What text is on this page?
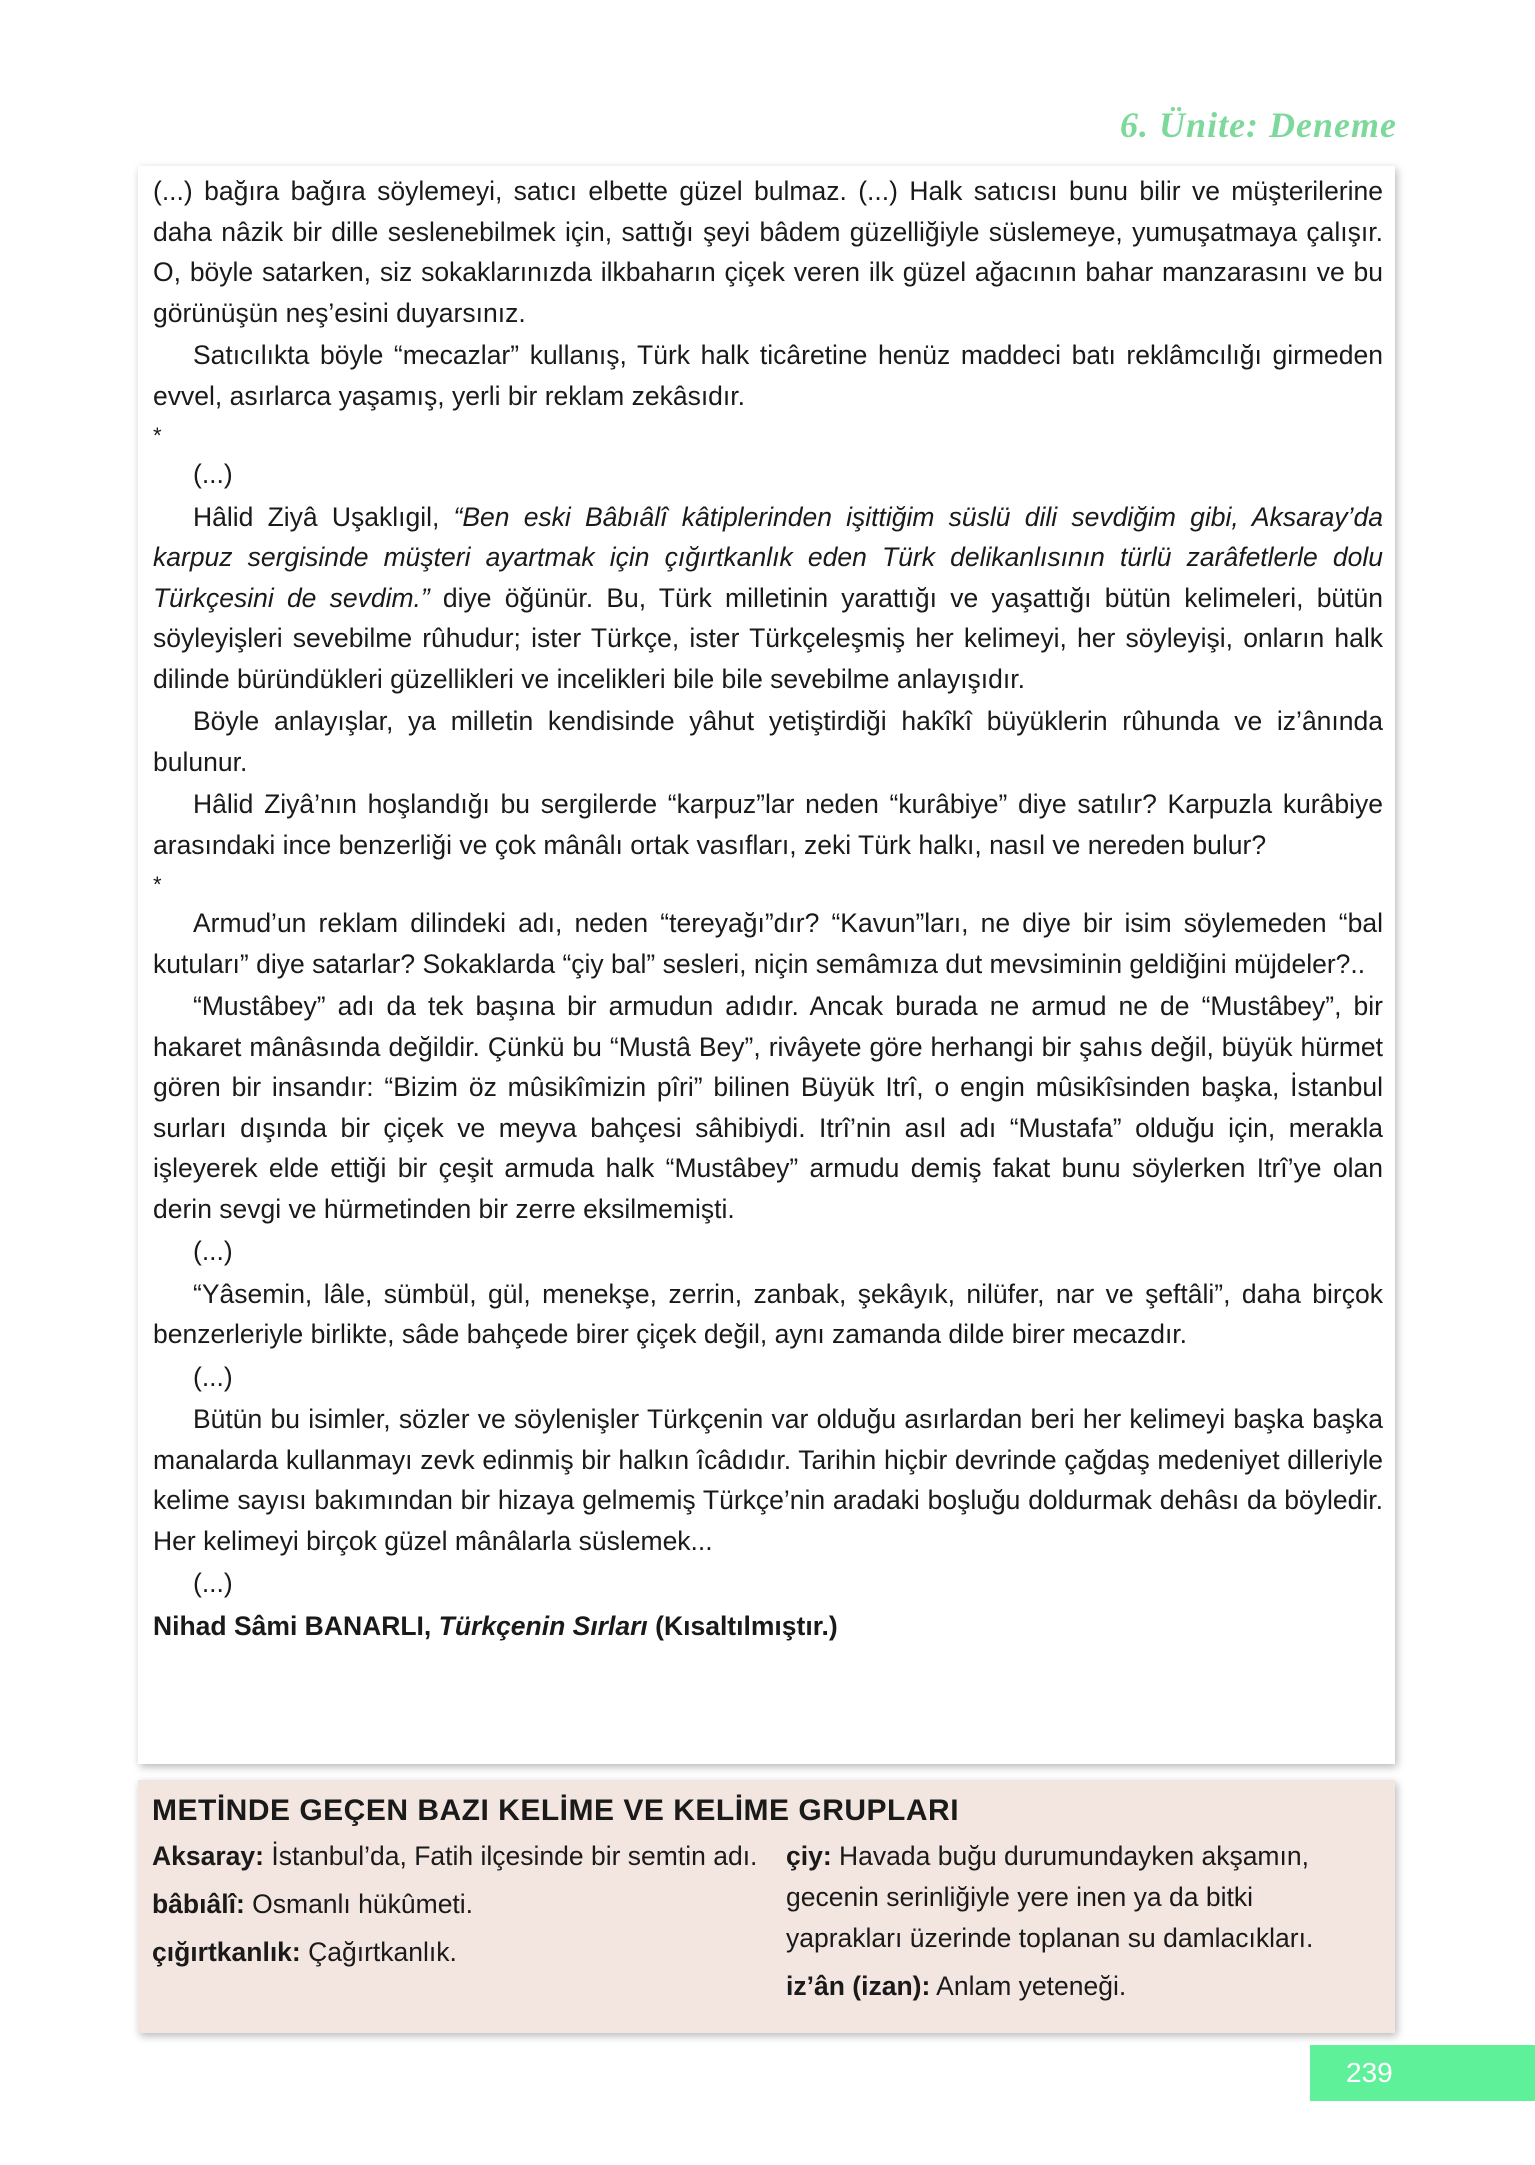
6. Ünite: Deneme

(...) bağıra bağıra söylemeyi, satıcı elbette güzel bulmaz. (...) Halk satıcısı bunu bilir ve müşterilerine daha nâzik bir dille seslenebilmek için, sattığı şeyi bâdem güzelliğiyle süslemeye, yumuşatmaya çalışır. O, böyle satarken, siz sokaklarınızda ilkbaharın çiçek veren ilk güzel ağacının bahar manzarasını ve bu görünüşün neş’esini duyarsınız.

Satıcılıkta böyle “mecazlar” kullanış, Türk halk ticâretine henüz maddeci batı reklâmcılığı girmeden evvel, asırlarca yaşamış, yerli bir reklam zekâsıdır.

*

(...)

Hâlid Ziyâ Uşaklıgil, “Ben eski Bâbıâlî kâtiplerinden işittiğim süslü dili sevdiğim gibi, Aksaray’da karpuz sergisinde müşteri ayartmak için çığırtkanlık eden Türk delikanlısının türlü zarâfetlerle dolu Türkçesini de sevdim.” diye öğünür. Bu, Türk milletinin yarattığı ve yaşattığı bütün kelimeleri, bütün söyleyişleri sevebilme rûhudur; ister Türkçe, ister Türkçeleşmiş her kelimeyi, her söyleyişi, onların halk dilinde büründükleri güzellikleri ve incelikleri bile bile sevebilme anlayışıdır.

Böyle anlayışlar, ya milletin kendisinde yâhut yetiştirdiği hakîkî büyüklerin rûhunda ve iz’ânında bulunur.

Hâlid Ziyâ’nın hoşlandığı bu sergilerde “karpuz”lar neden “kurâbiye” diye satılır? Karpuzla kurâbiye arasındaki ince benzerliği ve çok mânâlı ortak vasıfları, zeki Türk halkı, nasıl ve nereden bulur?

*

Armud’un reklam dilindeki adı, neden “tereyağı”dır? “Kavun”ları, ne diye bir isim söylemeden “bal kutuları” diye satarlar? Sokaklarda “çiy bal” sesleri, niçin semâmıza dut mevsiminin geldiğini müjdeler?..

“Mustâbey” adı da tek başına bir armudun adıdır. Ancak burada ne armud ne de “Mustâbey”, bir hakaret mânâsında değildir. Çünkü bu “Mustâ Bey”, rivâyete göre herhangi bir şahıs değil, büyük hürmet gören bir insandır: “Bizim öz mûsikîmizin pîri” bilinen Büyük Itrî, o engin mûsikîsinden başka, İstanbul surları dışında bir çiçek ve meyva bahçesi sâhibiydi. Itrî’nin asıl adı “Mustafa” olduğu için, merakla işleyerek elde ettiği bir çeşit armuda halk “Mustâbey” armudu demiş fakat bunu söylerken Itrî’ye olan derin sevgi ve hürmetinden bir zerre eksilmemişti.

(...)

“Yâsemin, lâle, sümbül, gül, menekşe, zerrin, zanbak, şekâyık, nilüfer, nar ve şeftâli”, daha birçok benzerleriyle birlikte, sâde bahçede birer çiçek değil, aynı zamanda dilde birer mecazdır.

(...)

Bütün bu isimler, sözler ve söylenişler Türkçenin var olduğu asırlardan beri her kelimeyi başka başka manalarda kullanmayı zevk edinmiş bir halkın îcâdıdır. Tarihin hiçbir devrinde çağdaş medeniyet dilleriyle kelime sayısı bakımından bir hizaya gelmemiş Türkçe’nin aradaki boşluğu doldurmak dehâsı da böyledir. Her kelimeyi birçok güzel mânâlarla süslemek...

(...)

Nihad Sâmi BANARLI, Türkçenin Sırları (Kısaltılmıştır.)

METİNDE GEÇEN BAZI KELİME VE KELİME GRUPLARI

Aksaray: İstanbul’da, Fatih ilçesinde bir semtin adı.

bâbıâlî: Osmanlı hükûmeti.

çığırtkanlık: Çağırtkanlık.

çiy: Havada buğu durumundayken akşamın, gecenin serinliğiyle yere inen ya da bitki yaprakları üzerinde toplanan su damlacıkları.

iz’ân (izan): Anlam yeteneği.

239
